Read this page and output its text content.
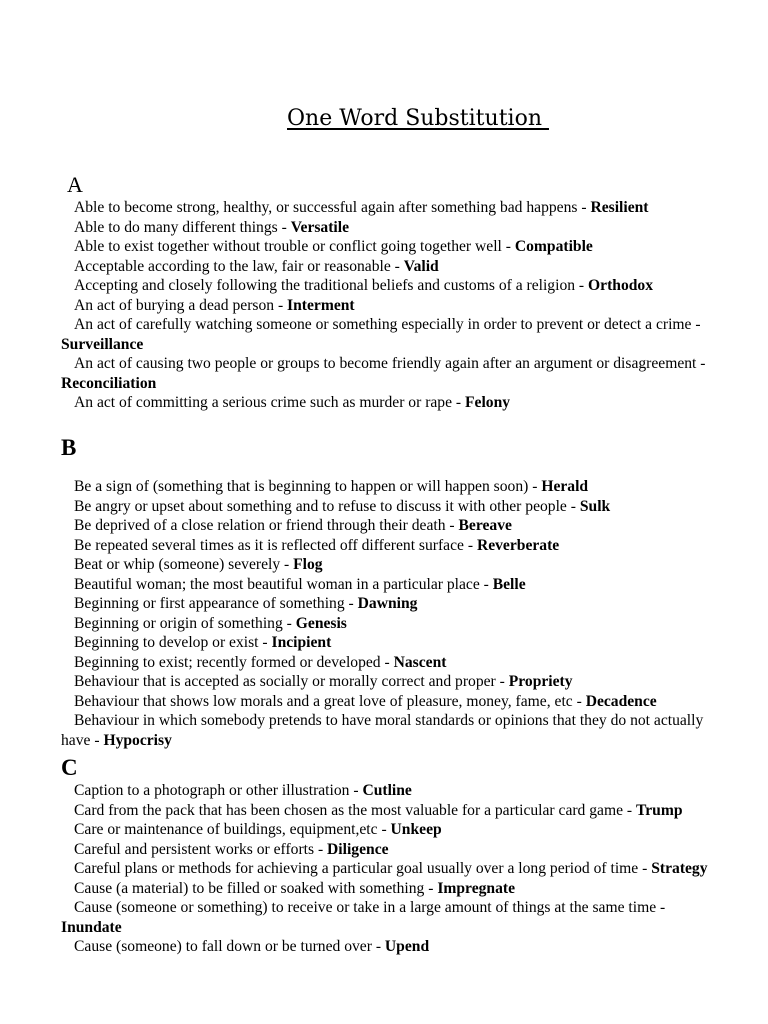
One Word Substitution
A

Able to become strong, healthy, or successful again after something bad happens - Resilient

Able to do many different things - Versatile

Able to exist together without trouble or conflict going together well - Compatible

Acceptable according to the law, fair or reasonable - Valid

Accepting and closely following the traditional beliefs and customs of a religion - Orthodox

An act of burying a dead person - Interment

An act of carefully watching someone or something especially in order to prevent or detect a crime - Surveillance

An act of causing two people or groups to become friendly again after an argument or disagreement - Reconciliation

An act of committing a serious crime such as murder or rape - Felony

B

Be a sign of (something that is beginning to happen or will happen soon) - Herald

Be angry or upset about something and to refuse to discuss it with other people - Sulk

Be deprived of a close relation or friend through their death - Bereave

Be repeated several times as it is reflected off different surface - Reverberate

Beat or whip (someone) severely - Flog

Beautiful woman; the most beautiful woman in a particular place - Belle

Beginning or first appearance of something - Dawning

Beginning or origin of something - Genesis

Beginning to develop or exist - Incipient

Beginning to exist; recently formed or developed - Nascent

Behaviour that is accepted as socially or morally correct and proper - Propriety

Behaviour that shows low morals and a great love of pleasure, money, fame, etc - Decadence

Behaviour in which somebody pretends to have moral standards or opinions that they do not actually have - Hypocrisy

C

Caption to a photograph or other illustration - Cutline

Card from the pack that has been chosen as the most valuable for a particular card game - Trump

Care or maintenance of buildings, equipment,etc - Unkeep

Careful and persistent works or efforts - Diligence

Careful plans or methods for achieving a particular goal usually over a long period of time - Strategy

Cause (a material) to be filled or soaked with something - Impregnate

Cause (someone or something) to receive or take in a large amount of things at the same time - Inundate

Cause (someone) to fall down or be turned over - Upend
